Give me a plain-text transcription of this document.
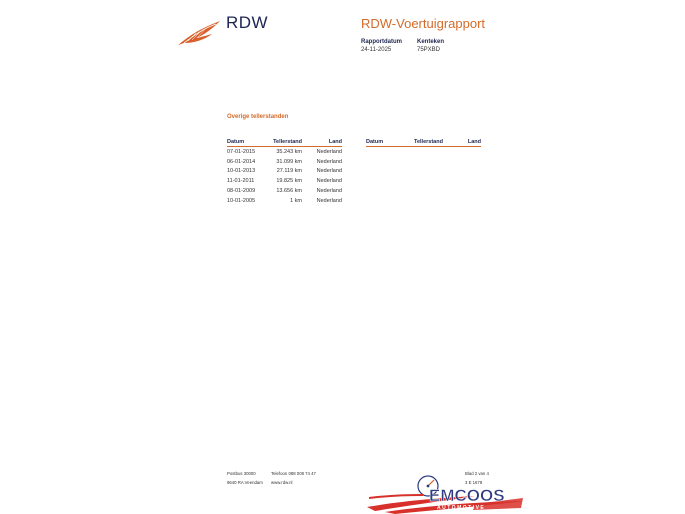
RDW	RDW-Voertuigrapport
Rapportdatum
24-11-2025
Kenteken
75PXBD
Overige tellerstanden
Datum	Tellerstand	Land
07-01-2015	35.243 km	Nederland
06-01-2014	31.099 km	Nederland
10-01-2013	27.119 km	Nederland
11-01-2011	19.825 km	Nederland
08-01-2009	13.656 km	Nederland
10-01-2005	1 km	Nederland
Datum	Tellerstand	Land
Postbus 30000
9640 RA Veendam
Telefoon 088 008 74 47
www.rdw.nl
Blad 2 van 4
3 E 1678
EMCOOS
AUTOMOTIVE
